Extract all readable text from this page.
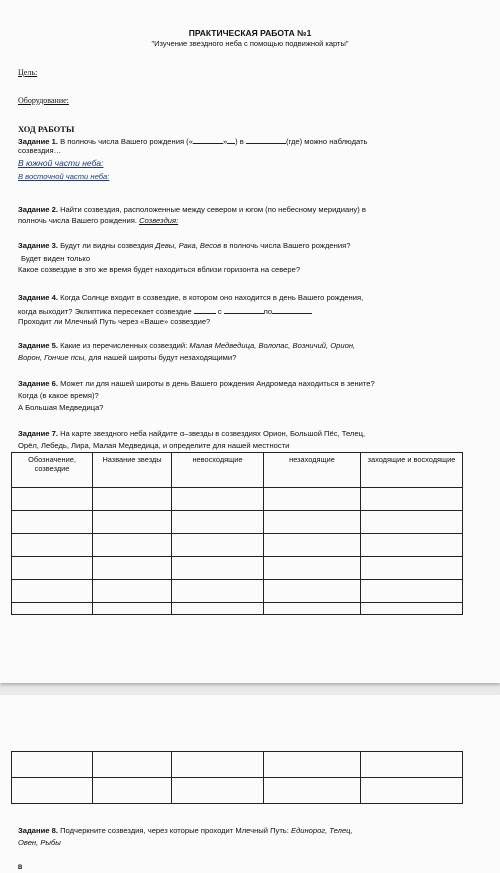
ПРАКТИЧЕСКАЯ РАБОТА №1
"Изучение звездного неба с помощью подвижной карты"
Цель:
Оборудование:
ХОД РАБОТЫ
Задание 1. В полночь числа Вашего рождения («	» ) в	(где) можно наблюдать
созвездия…
В южной части неба:
В восточной части неба:
Задание 2. Найти созвездия, расположенные между севером и югом (по небесному меридиану) в
полночь числа Вашего рождения. Созвездия:
Задание 3. Будут ли видны созвездия Девы, Рака, Весов в полночь числа Вашего рождения?
Будет виден только
Какое созвездие в это же время будет находиться вблизи горизонта на севере?
Задание 4. Когда Солнце входит в созвездие, в котором оно находится в день Вашего рождения,
когда выходит? Эклиптика пересекает созвездие	с	по
Проходит ли Млечный Путь через «Ваше» созвездие?
Задание 5. Какие из перечисленных созвездий: Малая Медведица, Волопас, Возничий, Орион,
Ворон, Гончие псы, для нашей широты будут незаходящими?
Задание 6. Может ли для нашей широты в день Вашего рождения Андромеда находиться в зените?
Когда (в какое время)?
А Большая Медведица?
Задание 7. На карте звездного неба найдите α–звезды в созвездиях Орион, Большой Пёс, Телец,
Орёл, Лебедь, Лира, Малая Медведица, и определите для нашей местности
Обозначение, созвездие	Название звезды	невосходящие	незаходящие	заходящие и восходящие

Задание 8. Подчеркните созвездия, через которые проходит Млечный Путь: Единорог, Телец,
Овен, Рыбы
В
